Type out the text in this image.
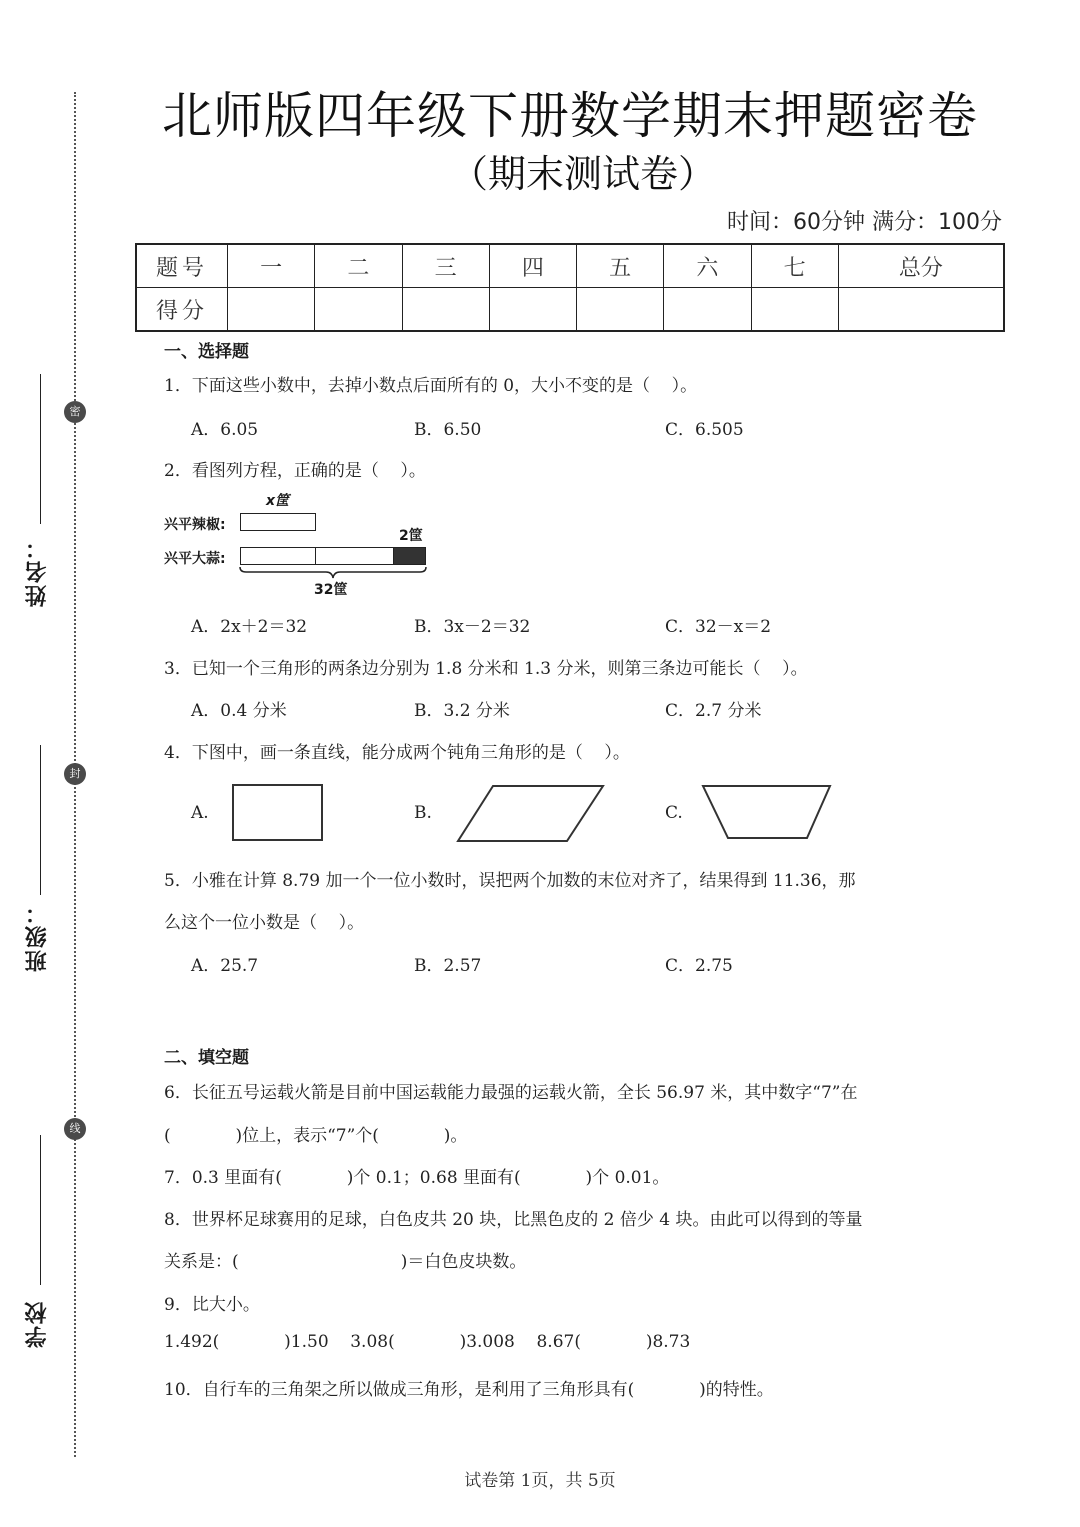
密
封
线
姓名：
班级：
学校
北师版四年级下册数学期末押题密卷
（期末测试卷）
时间：60分钟 满分：100分
题号	一	二	三	四	五	六	七	总分
得分								
一、选择题
1．下面这些小数中，去掉小数点后面所有的 0，大小不变的是（    ）。
A．6.05	B．6.50	C．6.505
2．看图列方程，正确的是（    ）。
x筐
兴平辣椒:
2筐
兴平大蒜:
32筐
A．2x＋2＝32	B．3x－2＝32	C．32－x＝2
3．已知一个三角形的两条边分别为 1.8 分米和 1.3 分米，则第三条边可能长（    ）。
A．0.4 分米	B．3.2 分米	C．2.7 分米
4．下图中，画一条直线，能分成两个钝角三角形的是（    ）。
A.	B.	C.
5．小雅在计算 8.79 加一个一位小数时，误把两个加数的末位对齐了，结果得到 11.36，那
么这个一位小数是（    ）。
A．25.7	B．2.57	C．2.75
二、填空题
6．长征五号运载火箭是目前中国运载能力最强的运载火箭，全长 56.97 米，其中数字“7”在
(            )位上，表示“7”个(            )。
7．0.3 里面有(            )个 0.1；0.68 里面有(            )个 0.01。
8．世界杯足球赛用的足球，白色皮共 20 块，比黑色皮的 2 倍少 4 块。由此可以得到的等量
关系是：(                              )＝白色皮块数。
9．比大小。
1.492(            )1.50    3.08(            )3.008    8.67(            )8.73
10．自行车的三角架之所以做成三角形，是利用了三角形具有(            )的特性。
试卷第 1页，共 5页
